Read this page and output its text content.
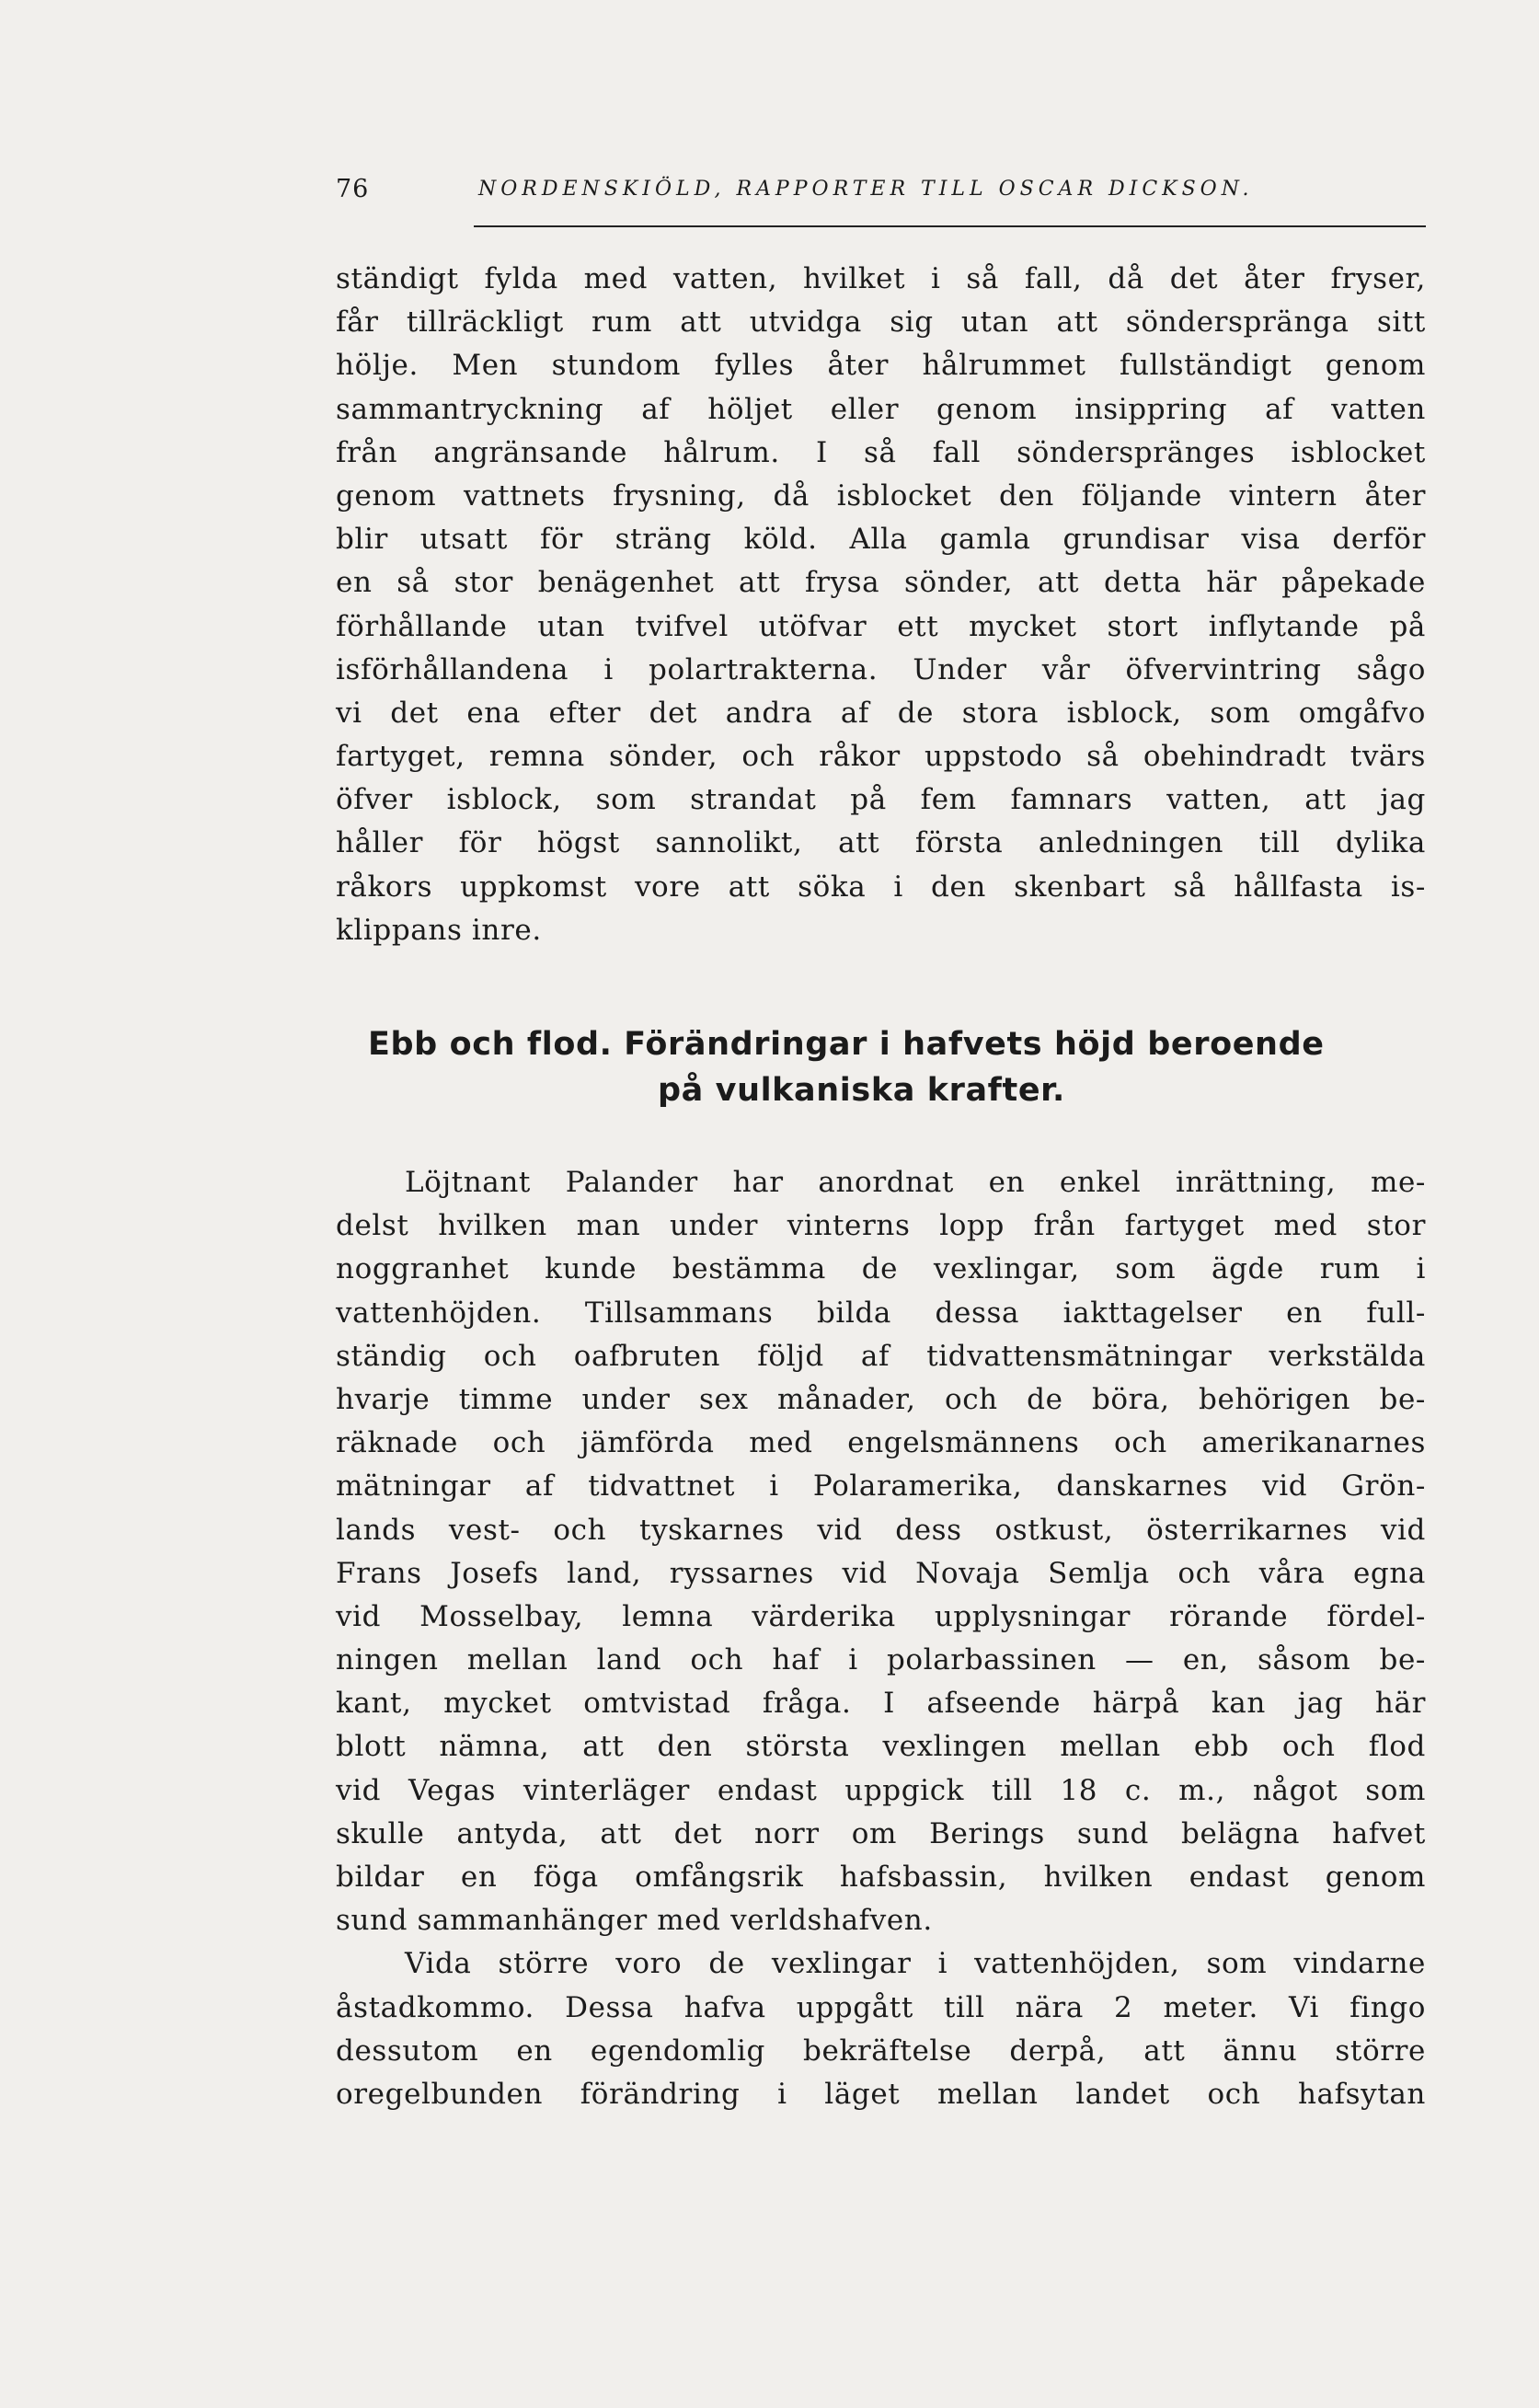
76	NORDENSKIÖLD, RAPPORTER TILL OSCAR DICKSON.
ständigt fylda med vatten, hvilket i så fall, då det åter fryser,
får tillräckligt rum att utvidga sig utan att söndersprängа sitt
hölje. Men stundom fylles åter hålrummet fullständigt genom
sammantryckning af höljet eller genom insippring af vatten
från angränsande hålrum. I så fall söndersprängеs isblocket
genom vattnets frysning, då isblocket den följande vintern åter
blir utsatt för sträng köld. Alla gamla grundisar visa derför
en så stor benägenhet att frysa sönder, att detta här påpekade
förhållande utan tvifvel utöfvar ett mycket stort inflytande på
isförhållandena i polartrakterna. Under vår öfvervintring sågo
vi det ena efter det andra af de stora isblock, som omgåfvo
fartyget, remna sönder, och råkor uppstodo så obehindradt tvärs
öfver isblock, som strandat på fem famnars vatten, att jag
håller för högst sannolikt, att första anledningen till dylika
råkors uppkomst vore att söka i den skenbart så hållfasta is-
klippans inre.
Ebb och flod. Förändringar i hafvets höjd beroende
på vulkaniska krafter.
Löjtnant Palander har anordnat en enkel inrättning, me-
delst hvilken man under vinterns lopp från fartyget med stor
noggranhet kunde bestämma de vexlingar, som ägde rum i
vattenhöjden. Tillsammans bilda dessa iakttagelser en full-
ständig och oafbruten följd af tidvattensmätningar verkstälda
hvarje timme under sex månader, och de böra, behörigen be-
räknade och jämförda med engelsmännens och amerikanarnes
mätningar af tidvattnet i Polaramerika, danskarnes vid Grön-
lands vest- och tyskarnes vid dess ostkust, österrikarnes vid
Frans Josefs land, ryssarnes vid Novaja Semlja och våra egna
vid Mosselbay, lemna värderika upplysningar rörande fördel-
ningen mellan land och haf i polarbassinen — en, såsom be-
kant, mycket omtvistad fråga. I afseende härpå kan jag här
blott nämna, att den största vexlingen mellan ebb och flod
vid Vegas vinterläger endast uppgick till 18 c. m., något som
skulle antyda, att det norr om Berings sund belägna hafvet
bildar en föga omfångsrik hafsbassin, hvilken endast genom
sund sammanhänger med verldshafven.
Vida större voro de vexlingar i vattenhöjden, som vindarne
åstadkommo. Dessa hafva uppgått till nära 2 meter. Vi fingo
dessutom en egendomlig bekräftelse derpå, att ännu större
oregelbunden förändring i läget mellan landet och hafsytan
